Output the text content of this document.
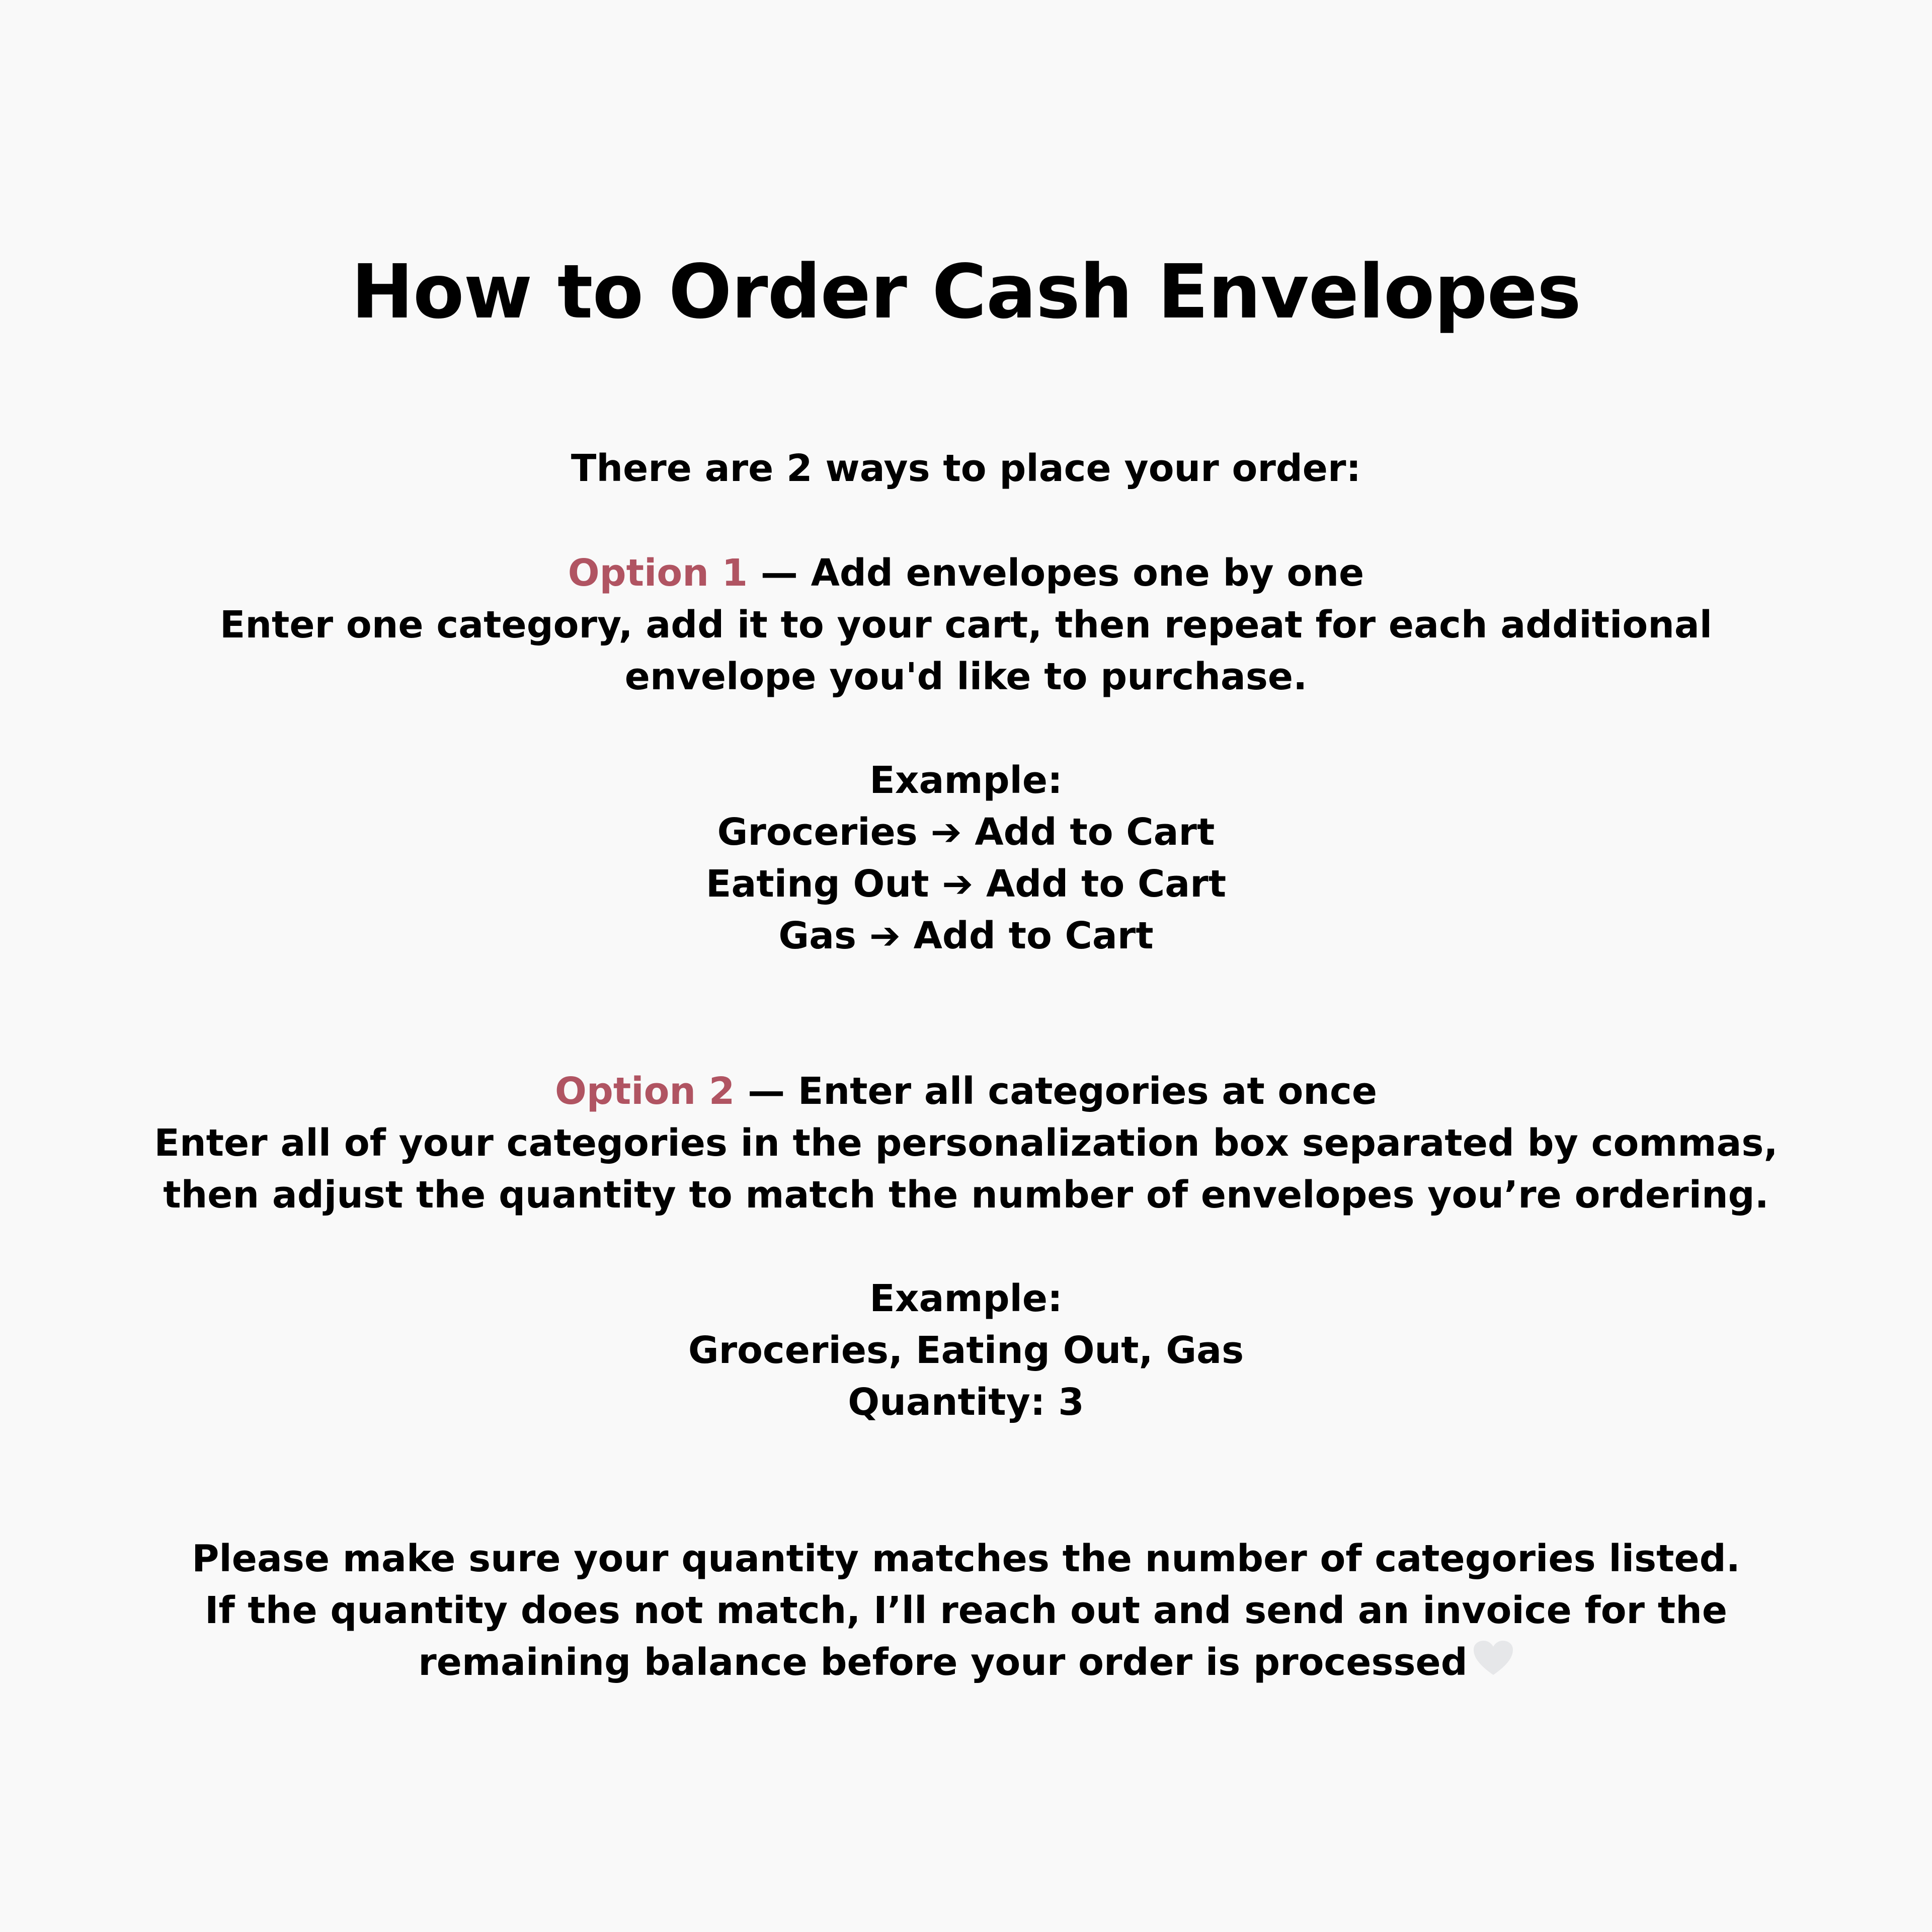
How to Order Cash Envelopes
There are 2 ways to place your order:
Option 1 — Add envelopes one by one
Enter one category, add it to your cart, then repeat for each additional
envelope you'd like to purchase.
Example:
Groceries ➔ Add to Cart
Eating Out ➔ Add to Cart
Gas ➔ Add to Cart
Option 2 — Enter all categories at once
Enter all of your categories in the personalization box separated by commas,
then adjust the quantity to match the number of envelopes you’re ordering.
Example:
Groceries, Eating Out, Gas
Quantity: 3
Please make sure your quantity matches the number of categories listed.
If the quantity does not match, I’ll reach out and send an invoice for the
remaining balance before your order is processed
